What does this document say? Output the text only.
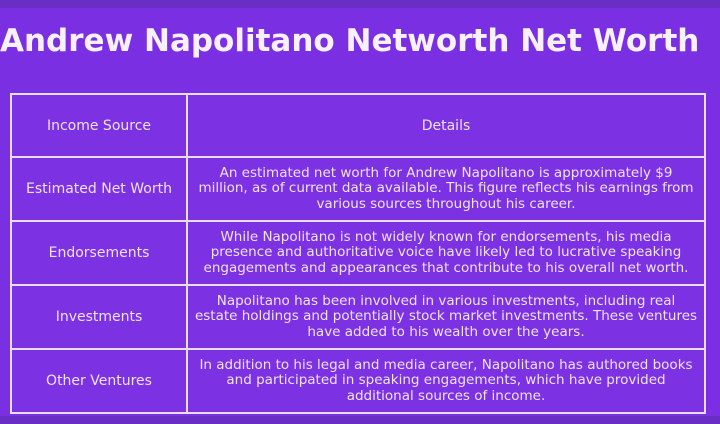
Andrew Napolitano Networth Net Worth
Income Source	Details
Estimated Net Worth	An estimated net worth for Andrew Napolitano is approximately $9 million, as of current data available. This figure reflects his earnings from various sources throughout his career.
Endorsements	While Napolitano is not widely known for endorsements, his media presence and authoritative voice have likely led to lucrative speaking engagements and appearances that contribute to his overall net worth.
Investments	Napolitano has been involved in various investments, including real estate holdings and potentially stock market investments. These ventures have added to his wealth over the years.
Other Ventures	In addition to his legal and media career, Napolitano has authored books and participated in speaking engagements, which have provided additional sources of income.
